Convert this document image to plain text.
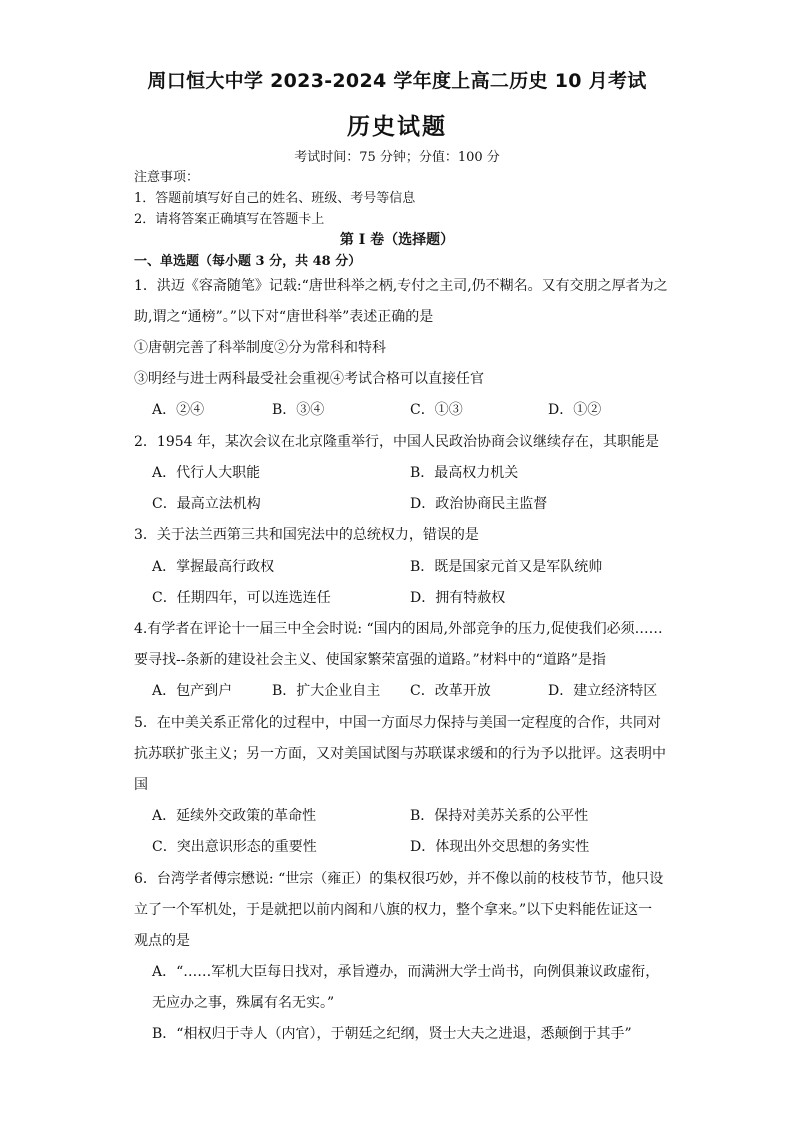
周口恒大中学 2023-2024 学年度上高二历史 10 月考试
历史试题
考试时间：75 分钟；分值：100 分
注意事项：
1．答题前填写好自己的姓名、班级、考号等信息
2．请将答案正确填写在答题卡上
第 I 卷（选择题）
一、单选题（每小题 3 分，共 48 分）
1．洪迈《容斋随笔》记载:“唐世科举之柄,专付之主司,仍不糊名。又有交朋之厚者为之
助,谓之“通榜”。”以下对“唐世科举”表述正确的是
①唐朝完善了科举制度②分为常科和特科
③明经与进士两科最受社会重视④考试合格可以直接任官
A．②④	B．③④	C．①③	D．①②
2．1954 年，某次会议在北京隆重举行，中国人民政治协商会议继续存在，其职能是
A．代行人大职能	B．最高权力机关
C．最高立法机构	D．政治协商民主监督
3．关于法兰西第三共和国宪法中的总统权力，错误的是
A．掌握最高行政权	B．既是国家元首又是军队统帅
C．任期四年，可以连选连任	D．拥有特赦权
4.有学者在评论十一届三中全会时说: “国内的困局,外部竞争的压力,促使我们必须……
要寻找--条新的建设社会主义、使国家繁荣富强的道路。”材料中的“道路”是指
A．包产到户	B．扩大企业自主 C．改革开放	D．建立经济特区
5．在中美关系正常化的过程中，中国一方面尽力保持与美国一定程度的合作，共同对
抗苏联扩张主义；另一方面，又对美国试图与苏联谋求缓和的行为予以批评。这表明中
国
A．延续外交政策的革命性	B．保持对美苏关系的公平性
C．突出意识形态的重要性	D．体现出外交思想的务实性
6．台湾学者傅宗懋说: “世宗（雍正）的集权很巧妙，并不像以前的枝枝节节，他只设
立了一个军机处，于是就把以前内阁和八旗的权力，整个拿来。”以下史料能佐证这一
观点的是
A．“……军机大臣每日找对，承旨遵办，而满洲大学士尚书，向例俱兼议政虚衔，
无应办之事，殊属有名无实。”
B．“相权归于寺人（内官），于朝廷之纪纲，贤士大夫之进退，悉颠倒于其手”
